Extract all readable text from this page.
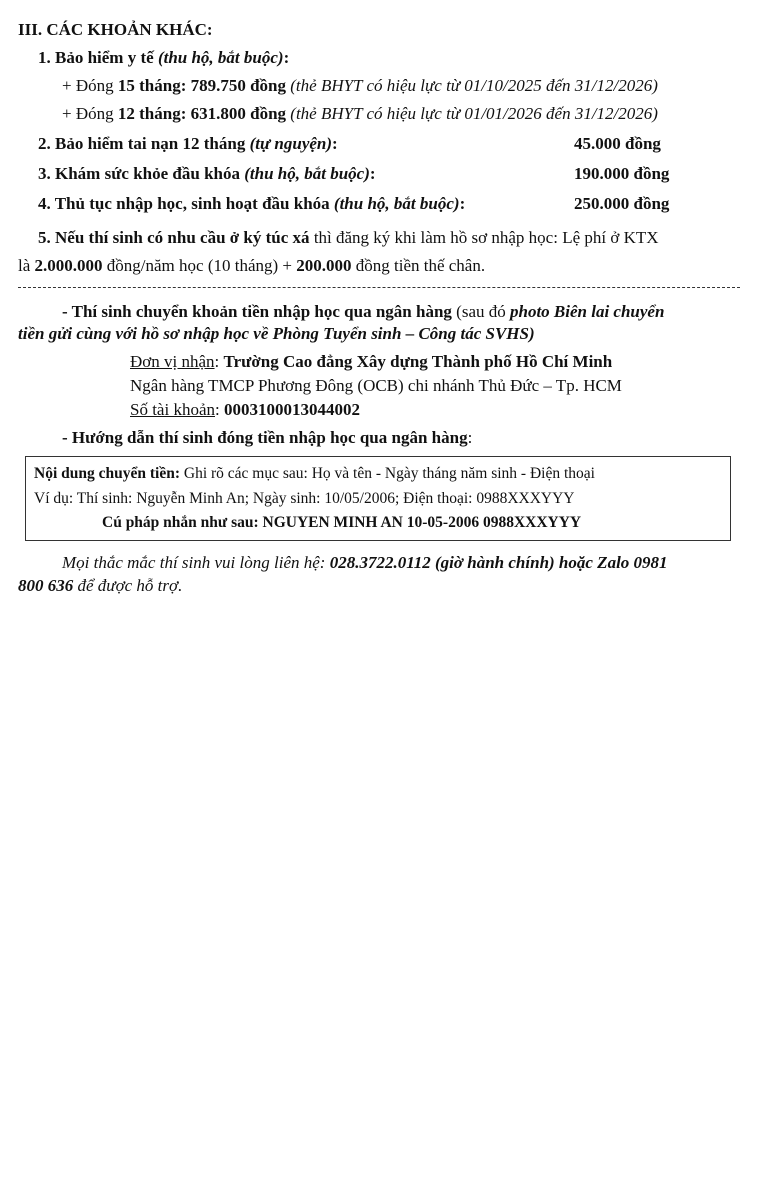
III. CÁC KHOẢN KHÁC:
1. Bảo hiểm y tế (thu hộ, bắt buộc):
+ Đóng 15 tháng: 789.750 đồng (thẻ BHYT có hiệu lực từ 01/10/2025 đến 31/12/2026)
+ Đóng 12 tháng: 631.800 đồng (thẻ BHYT có hiệu lực từ 01/01/2026 đến 31/12/2026)
2. Bảo hiểm tai nạn 12 tháng (tự nguyện):	45.000 đồng
3. Khám sức khỏe đầu khóa (thu hộ, bắt buộc):	190.000 đồng
4. Thủ tục nhập học, sinh hoạt đầu khóa (thu hộ, bắt buộc):	250.000 đồng
5. Nếu thí sinh có nhu cầu ở ký túc xá thì đăng ký khi làm hồ sơ nhập học: Lệ phí ở KTX
là 2.000.000 đồng/năm học (10 tháng) + 200.000 đồng tiền thế chân.
- Thí sinh chuyển khoản tiền nhập học qua ngân hàng (sau đó photo Biên lai chuyển
tiền gửi cùng với hồ sơ nhập học về Phòng Tuyển sinh – Công tác SVHS)
Đơn vị nhận: Trường Cao đẳng Xây dựng Thành phố Hồ Chí Minh
Ngân hàng TMCP Phương Đông (OCB) chi nhánh Thủ Đức – Tp. HCM
Số tài khoản: 0003100013044002
- Hướng dẫn thí sinh đóng tiền nhập học qua ngân hàng:
Nội dung chuyển tiền: Ghi rõ các mục sau: Họ và tên - Ngày tháng năm sinh - Điện thoại
Ví dụ: Thí sinh: Nguyễn Minh An; Ngày sinh: 10/05/2006; Điện thoại: 0988XXXYYY
Cú pháp nhắn như sau: NGUYEN MINH AN 10-05-2006 0988XXXYYY
Mọi thắc mắc thí sinh vui lòng liên hệ: 028.3722.0112 (giờ hành chính) hoặc Zalo 0981
800 636 để được hỗ trợ.
